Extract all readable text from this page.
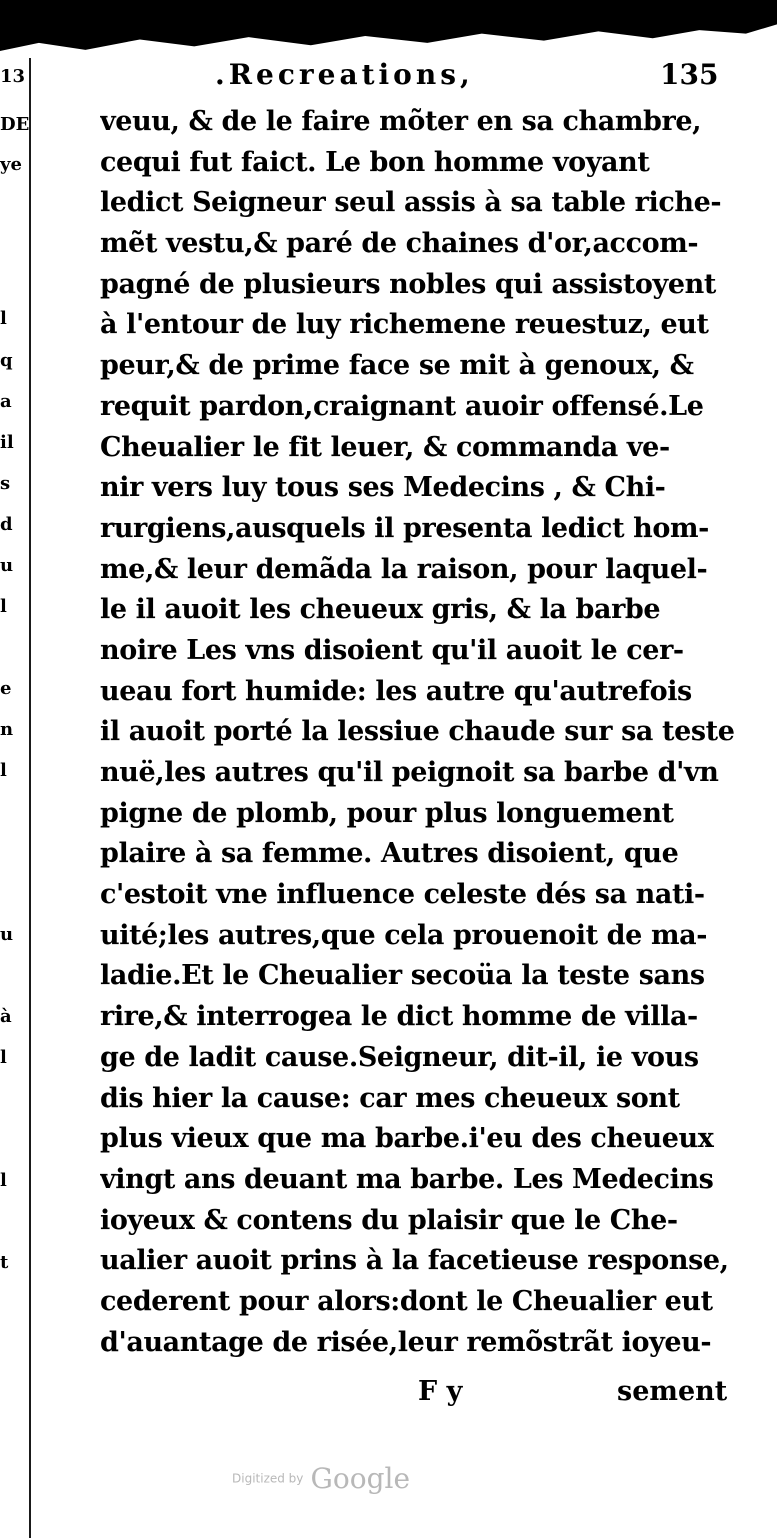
13
DE
ye
l
q
a
il
s
d
u
l
e
n
l
u
à
l
l
t
.Recreations,	135
veuu, & de le faire mõter en sa chambre,
cequi fut faict. Le bon homme voyant
ledict Seigneur seul assis à sa table riche-
mẽt vestu,& paré de chaines d'or,accom-
pagné de plusieurs nobles qui assistoyent
à l'entour de luy richemene reuestuz, eut
peur,& de prime face se mit à genoux, &
requit pardon,craignant auoir offensé.Le
Cheualier le fit leuer, & commanda ve-
nir vers luy tous ses Medecins , & Chi-
rurgiens,ausquels il presenta ledict hom-
me,& leur demãda la raison, pour laquel-
le il auoit les cheueux gris, & la barbe
noire Les vns disoient qu'il auoit le cer-
ueau fort humide: les autre qu'autrefois
il auoit porté la lessiue chaude sur sa teste
nuë,les autres qu'il peignoit sa barbe d'vn
pigne de plomb, pour plus longuement
plaire à sa femme. Autres disoient, que
c'estoit vne influence celeste dés sa nati-
uité;les autres,que cela prouenoit de ma-
ladie.Et le Cheualier secoüa la teste sans
rire,& interrogea le dict homme de villa-
ge de ladit cause.Seigneur, dit-il, ie vous
dis hier la cause: car mes cheueux sont
plus vieux que ma barbe.i'eu des cheueux
vingt ans deuant ma barbe. Les Medecins
ioyeux & contens du plaisir que le Che-
ualier auoit prins à la facetieuse response,
cederent pour alors:dont le Cheualier eut
d'auantage de risée,leur remõstrãt ioyeu-
F y	sement
Digitized by Google
